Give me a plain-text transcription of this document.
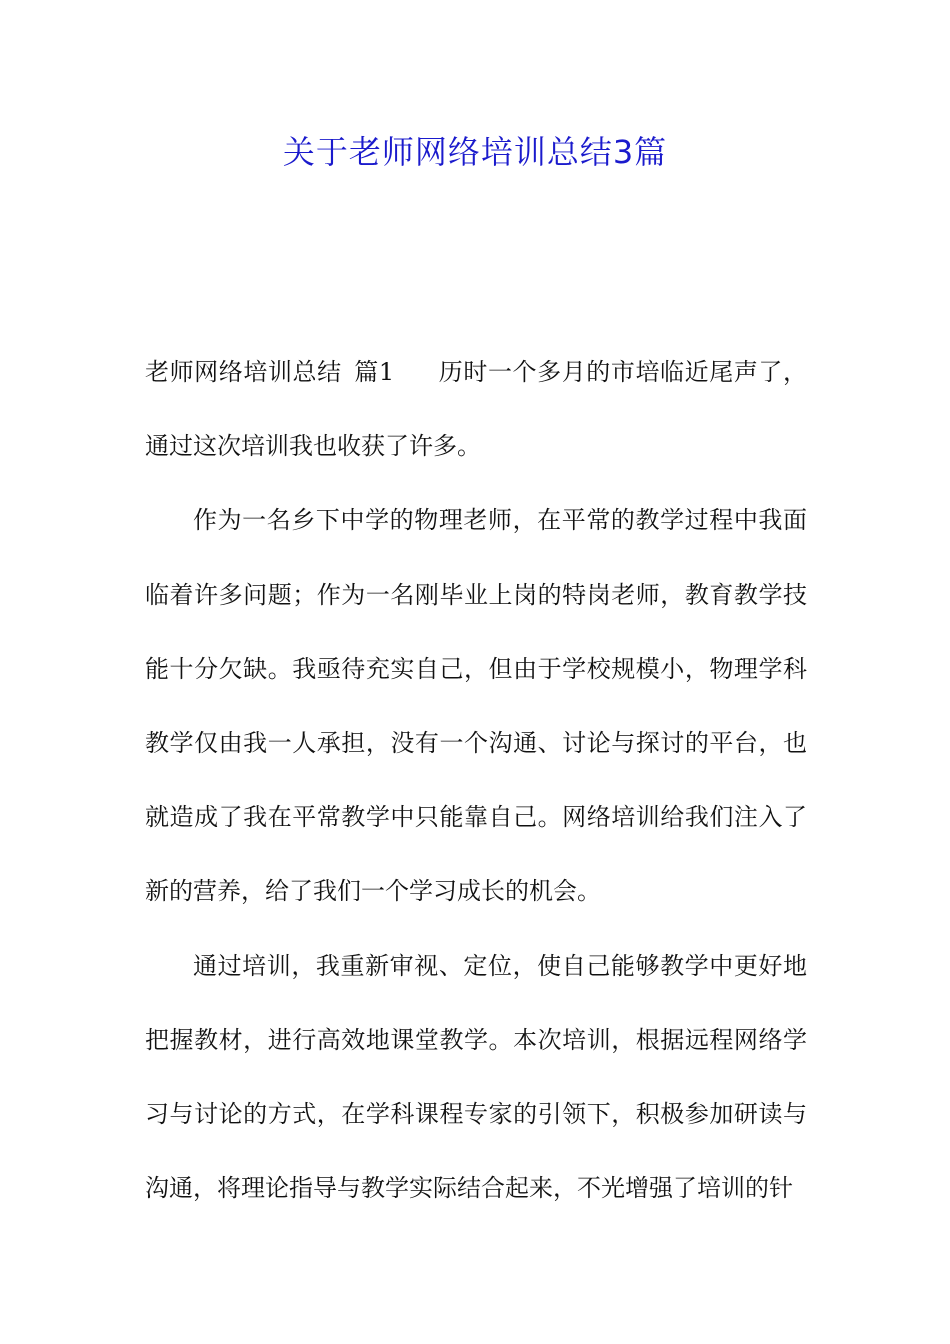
关于老师网络培训总结3篇

老师网络培训总结 篇1 历时一个多月的市培临近尾声了，通过这次培训我也收获了许多。

作为一名乡下中学的物理老师，在平常的教学过程中我面临着许多问题；作为一名刚毕业上岗的特岗老师，教育教学技能十分欠缺。我亟待充实自己，但由于学校规模小，物理学科教学仅由我一人承担，没有一个沟通、讨论与探讨的平台，也就造成了我在平常教学中只能靠自己。网络培训给我们注入了新的营养，给了我们一个学习成长的机会。

通过培训，我重新审视、定位，使自己能够教学中更好地把握教材，进行高效地课堂教学。本次培训，根据远程网络学习与讨论的方式，在学科课程专家的引领下，积极参加研读与沟通，将理论指导与教学实际结合起来，不光增强了培训的针
